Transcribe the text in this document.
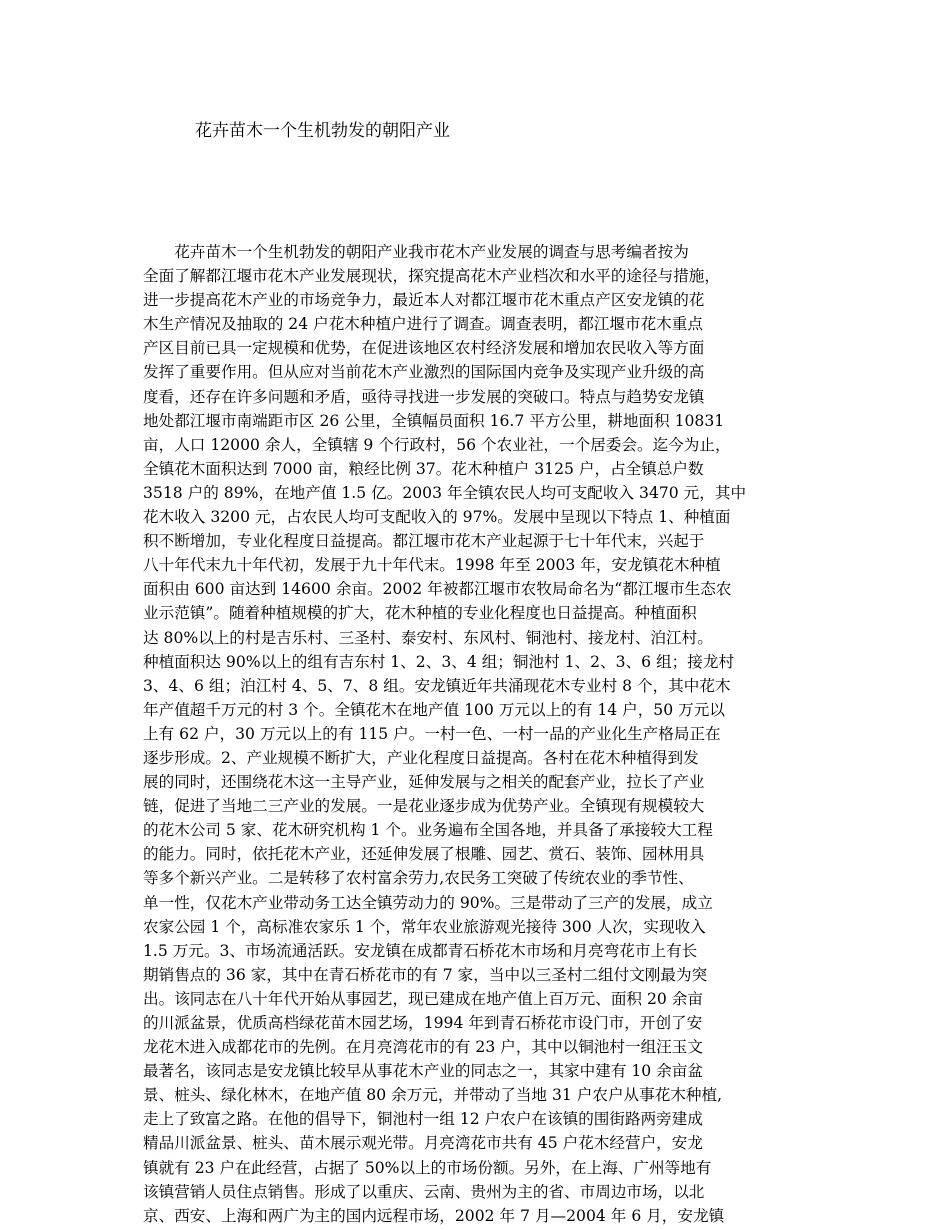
花卉苗木一个生机勃发的朝阳产业
　　花卉苗木一个生机勃发的朝阳产业我市花木产业发展的调查与思考编者按为
全面了解都江堰市花木产业发展现状，探究提高花木产业档次和水平的途径与措施，
进一步提高花木产业的市场竞争力，最近本人对都江堰市花木重点产区安龙镇的花
木生产情况及抽取的 24 户花木种植户进行了调查。调查表明，都江堰市花木重点
产区目前已具一定规模和优势，在促进该地区农村经济发展和增加农民收入等方面
发挥了重要作用。但从应对当前花木产业激烈的国际国内竞争及实现产业升级的高
度看，还存在许多问题和矛盾，亟待寻找进一步发展的突破口。特点与趋势安龙镇
地处都江堰市南端距市区 26 公里，全镇幅员面积 16.7 平方公里，耕地面积 10831
亩，人口 12000 余人，全镇辖 9 个行政村，56 个农业社，一个居委会。迄今为止，
全镇花木面积达到 7000 亩，粮经比例 37。花木种植户 3125 户，占全镇总户数
3518 户的 89%，在地产值 1.5 亿。2003 年全镇农民人均可支配收入 3470 元，其中
花木收入 3200 元，占农民人均可支配收入的 97%。发展中呈现以下特点 1、种植面
积不断增加，专业化程度日益提高。都江堰市花木产业起源于七十年代末，兴起于
八十年代末九十年代初，发展于九十年代末。1998 年至 2003 年，安龙镇花木种植
面积由 600 亩达到 14600 余亩。2002 年被都江堰市农牧局命名为“都江堰市生态农
业示范镇”。随着种植规模的扩大，花木种植的专业化程度也日益提高。种植面积
达 80%以上的村是吉乐村、三圣村、泰安村、东风村、铜池村、接龙村、泊江村。
种植面积达 90%以上的组有吉东村 1、2、3、4 组；铜池村 1、2、3、6 组；接龙村
3、4、6 组；泊江村 4、5、7、8 组。安龙镇近年共涌现花木专业村 8 个，其中花木
年产值超千万元的村 3 个。全镇花木在地产值 100 万元以上的有 14 户，50 万元以
上有 62 户，30 万元以上的有 115 户。一村一色、一村一品的产业化生产格局正在
逐步形成。2、产业规模不断扩大，产业化程度日益提高。各村在花木种植得到发
展的同时，还围绕花木这一主导产业，延伸发展与之相关的配套产业，拉长了产业
链，促进了当地二三产业的发展。一是花业逐步成为优势产业。全镇现有规模较大
的花木公司 5 家、花木研究机构 1 个。业务遍布全国各地，并具备了承接较大工程
的能力。同时，依托花木产业，还延伸发展了根雕、园艺、赏石、装饰、园林用具
等多个新兴产业。二是转移了农村富余劳力,农民务工突破了传统农业的季节性、
单一性，仅花木产业带动务工达全镇劳动力的 90%。三是带动了三产的发展，成立
农家公园 1 个，高标准农家乐 1 个，常年农业旅游观光接待 300 人次，实现收入
1.5 万元。3、市场流通活跃。安龙镇在成都青石桥花木市场和月亮弯花市上有长
期销售点的 36 家，其中在青石桥花市的有 7 家，当中以三圣村二组付文刚最为突
出。该同志在八十年代开始从事园艺，现已建成在地产值上百万元、面积 20 余亩
的川派盆景，优质高档绿花苗木园艺场，1994 年到青石桥花市设门市，开创了安
龙花木进入成都花市的先例。在月亮湾花市的有 23 户，其中以铜池村一组汪玉文
最著名，该同志是安龙镇比较早从事花木产业的同志之一，其家中建有 10 余亩盆
景、桩头、绿化林木，在地产值 80 余万元，并带动了当地 31 户农户从事花木种植,
走上了致富之路。在他的倡导下，铜池村一组 12 户农户在该镇的围街路两旁建成
精品川派盆景、桩头、苗木展示观光带。月亮湾花市共有 45 户花木经营户，安龙
镇就有 23 户在此经营，占据了 50%以上的市场份额。另外，在上海、广州等地有
该镇营销人员住点销售。形成了以重庆、云南、贵州为主的省、市周边市场，以北
京、西安、上海和两广为主的国内远程市场，2002 年 7 月—2004 年 6 月，安龙镇
